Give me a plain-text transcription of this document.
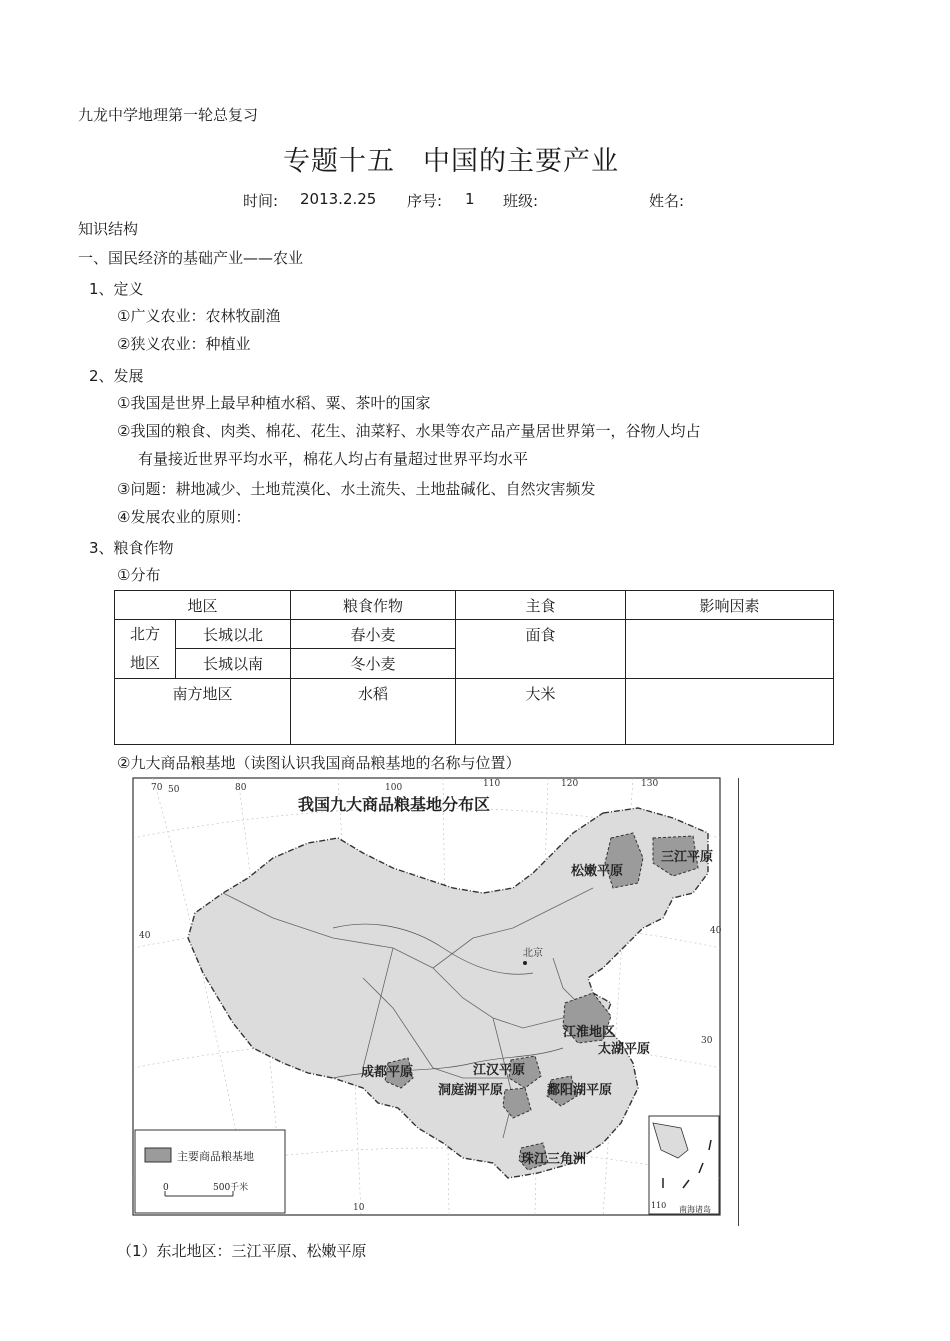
九龙中学地理第一轮总复习
专题十五　中国的主要产业
时间: 2013.2.25 序号: 1 班级:	姓名:
知识结构
一、国民经济的基础产业——农业
1、定义
①广义农业：农林牧副渔
②狭义农业：种植业
2、发展
①我国是世界上最早种植水稻、粟、茶叶的国家
②我国的粮食、肉类、棉花、花生、油菜籽、水果等农产品产量居世界第一，谷物人均占
有量接近世界平均水平，棉花人均占有量超过世界平均水平
③问题：耕地减少、土地荒漠化、水土流失、土地盐碱化、自然灾害频发
④发展农业的原则：
3、粮食作物
①分布
地区		粮食作物	主食	影响因素

北方
地区	长城以北	春小麦	面食	
	长城以南	冬小麦		
南方地区		水稻	大米	
②九大商品粮基地（读图认识我国商品粮基地的名称与位置）
我国九大商品粮基地分布区
三江平原
松嫩平原
江淮地区
太湖平原
成都平原	江汉平原
洞庭湖平原	鄱阳湖平原
珠江三角洲
北京
70	80	100	110	120	130
50
40	40
30
10
主要商品粮基地
0	500千米
110 南海诸岛
（1）东北地区：三江平原、松嫩平原
